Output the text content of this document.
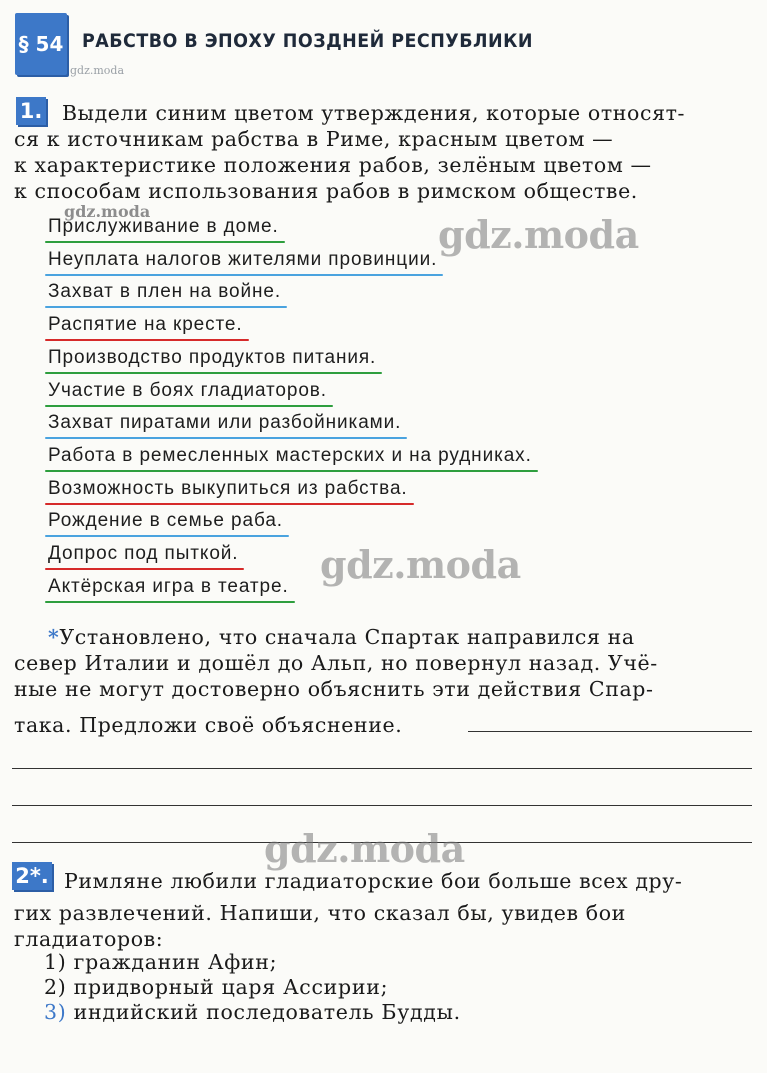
§ 54 РАБСТВО В ЭПОХУ ПОЗДНЕЙ РЕСПУБЛИКИ
gdz.moda
1. Выдели синим цветом утверждения, которые относят-
ся к источникам рабства в Риме, красным цветом —
к характеристике положения рабов, зелёным цветом —
к способам использования рабов в римском обществе.
gdz.moda
gdz.moda
Прислуживание в доме.
Неуплата налогов жителями провинции.
Захват в плен на войне.
Распятие на кресте.
Производство продуктов питания.
Участие в боях гладиаторов.
Захват пиратами или разбойниками.
Работа в ремесленных мастерских и на рудниках.
Возможность выкупиться из рабства.
Рождение в семье раба.
Допрос под пыткой.
Актёрская игра в театре. gdz.moda
*Установлено, что сначала Спартак направился на
север Италии и дошёл до Альп, но повернул назад. Учё-
ные не могут достоверно объяснить эти действия Спар-
така. Предложи своё объяснение.
gdz.moda
2*. Римляне любили гладиаторские бои больше всех дру-
гих развлечений. Напиши, что сказал бы, увидев бои
гладиаторов:
1) гражданин Афин;
2) придворный царя Ассирии;
3) индийский последователь Будды.
